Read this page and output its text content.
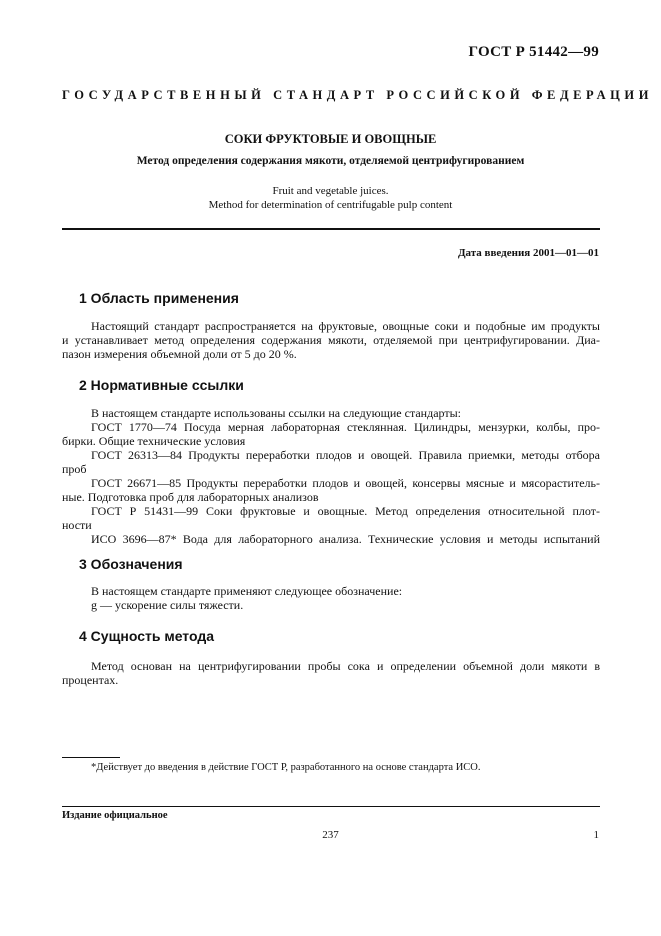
ГОСТ Р 51442—99
ГОСУДАРСТВЕННЫЙ СТАНДАРТ РОССИЙСКОЙ ФЕДЕРАЦИИ
СОКИ ФРУКТОВЫЕ И ОВОЩНЫЕ
Метод определения содержания мякоти, отделяемой центрифугированием
Fruit and vegetable juices.
Method for determination of centrifugable pulp content
Дата введения 2001—01—01
1 Область применения
Настоящий стандарт распространяется на фруктовые, овощные соки и подобные им продукты
и устанавливает метод определения содержания мякоти, отделяемой при центрифугировании. Диа-
пазон измерения объемной доли от 5 до 20 %.
2 Нормативные ссылки
В настоящем стандарте использованы ссылки на следующие стандарты:
ГОСТ 1770—74 Посуда мерная лабораторная стеклянная. Цилиндры, мензурки, колбы, про-
бирки. Общие технические условия
ГОСТ 26313—84 Продукты переработки плодов и овощей. Правила приемки, методы отбора
проб
ГОСТ 26671—85 Продукты переработки плодов и овощей, консервы мясные и мясораститель-
ные. Подготовка проб для лабораторных анализов
ГОСТ Р 51431—99 Соки фруктовые и овощные. Метод определения относительной плот-
ности
ИСО 3696—87* Вода для лабораторного анализа. Технические условия и методы испытаний
3 Обозначения
В настоящем стандарте применяют следующее обозначение:
g — ускорение силы тяжести.
4 Сущность метода
Метод основан на центрифугировании пробы сока и определении объемной доли мякоти в
процентах.
*Действует до введения в действие ГОСТ Р, разработанного на основе стандарта ИСО.
Издание официальное
237	1
